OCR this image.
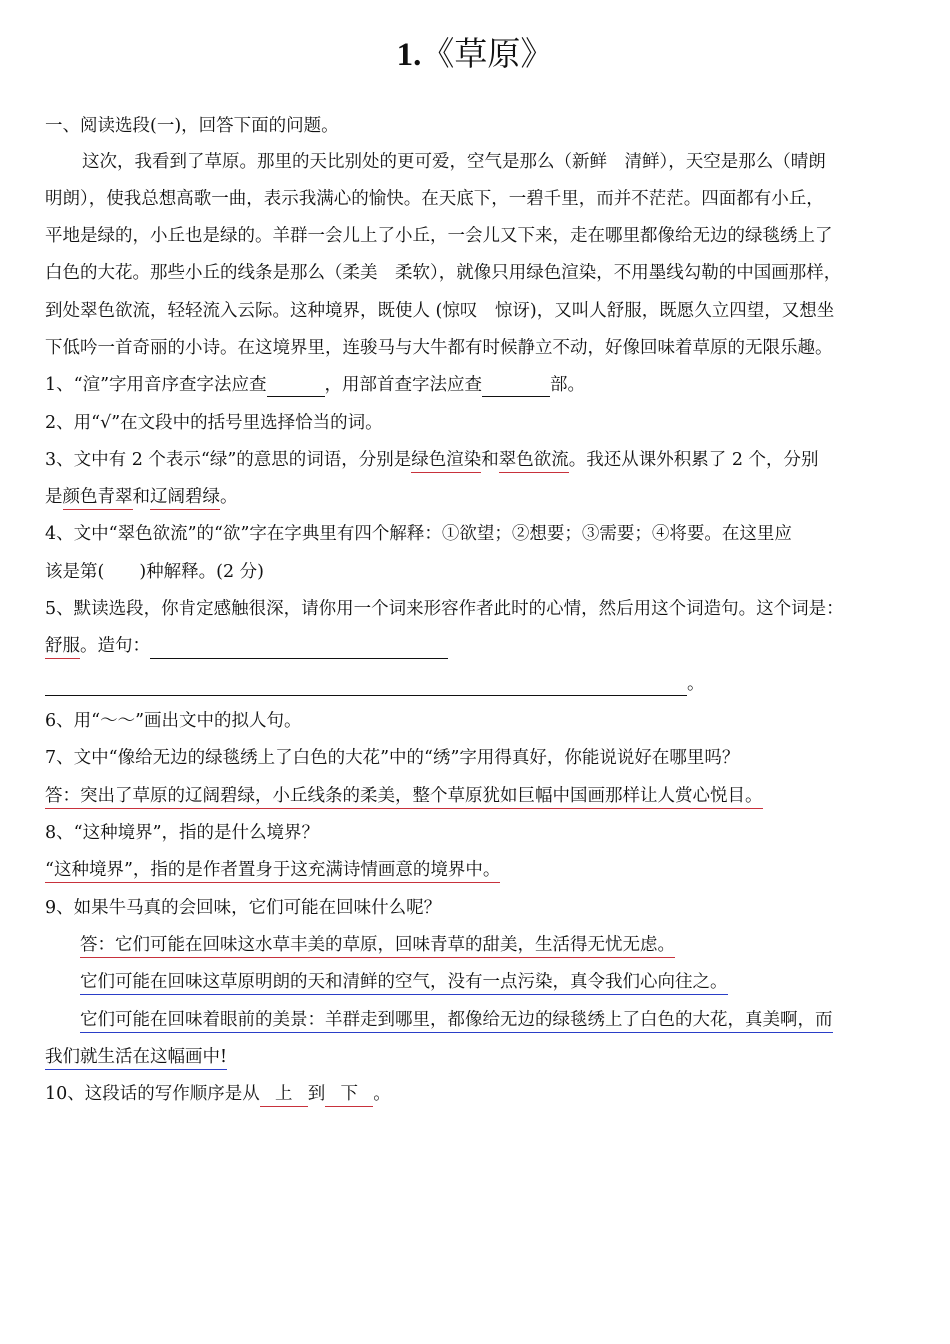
1.《草原》
一、阅读选段(一)，回答下面的问题。
这次，我看到了草原。那里的天比别处的更可爱，空气是那么（新鲜　清鲜），天空是那么（晴朗
明朗），使我总想高歌一曲，表示我满心的愉快。在天底下，一碧千里，而并不茫茫。四面都有小丘，
平地是绿的，小丘也是绿的。羊群一会儿上了小丘，一会儿又下来，走在哪里都像给无边的绿毯绣上了
白色的大花。那些小丘的线条是那么（柔美　柔软），就像只用绿色渲染，不用墨线勾勒的中国画那样，
到处翠色欲流，轻轻流入云际。这种境界，既使人 (惊叹　惊讶)，又叫人舒服，既愿久立四望，又想坐
下低吟一首奇丽的小诗。在这境界里，连骏马与大牛都有时候静立不动，好像回味着草原的无限乐趣。
1、“渲”字用音序查字法应查	，用部首查字法应查	部。
2、用“√”在文段中的括号里选择恰当的词。
3、文中有 2 个表示“绿”的意思的词语，分别是绿色渲染和翠色欲流。我还从课外积累了 2 个，分别
是颜色青翠和辽阔碧绿。
4、文中“翠色欲流”的“欲”字在字典里有四个解释：①欲望；②想要；③需要；④将要。在这里应
该是第(　　)种解释。(2 分)
5、默读选段，你肯定感触很深，请你用一个词来形容作者此时的心情，然后用这个词造句。这个词是：
舒服。造句：
。
6、用“～～”画出文中的拟人句。
7、文中“像给无边的绿毯绣上了白色的大花”中的“绣”字用得真好，你能说说好在哪里吗？
答：突出了草原的辽阔碧绿，小丘线条的柔美，整个草原犹如巨幅中国画那样让人赏心悦目。
8、“这种境界”，指的是什么境界？
“这种境界”，指的是作者置身于这充满诗情画意的境界中。
9、如果牛马真的会回味，它们可能在回味什么呢？
答：它们可能在回味这水草丰美的草原，回味青草的甜美，生活得无忧无虑。
它们可能在回味这草原明朗的天和清鲜的空气，没有一点污染，真令我们心向往之。
它们可能在回味着眼前的美景：羊群走到哪里，都像给无边的绿毯绣上了白色的大花，真美啊，而
我们就生活在这幅画中!
10、这段话的写作顺序是从 上 到 下 。
